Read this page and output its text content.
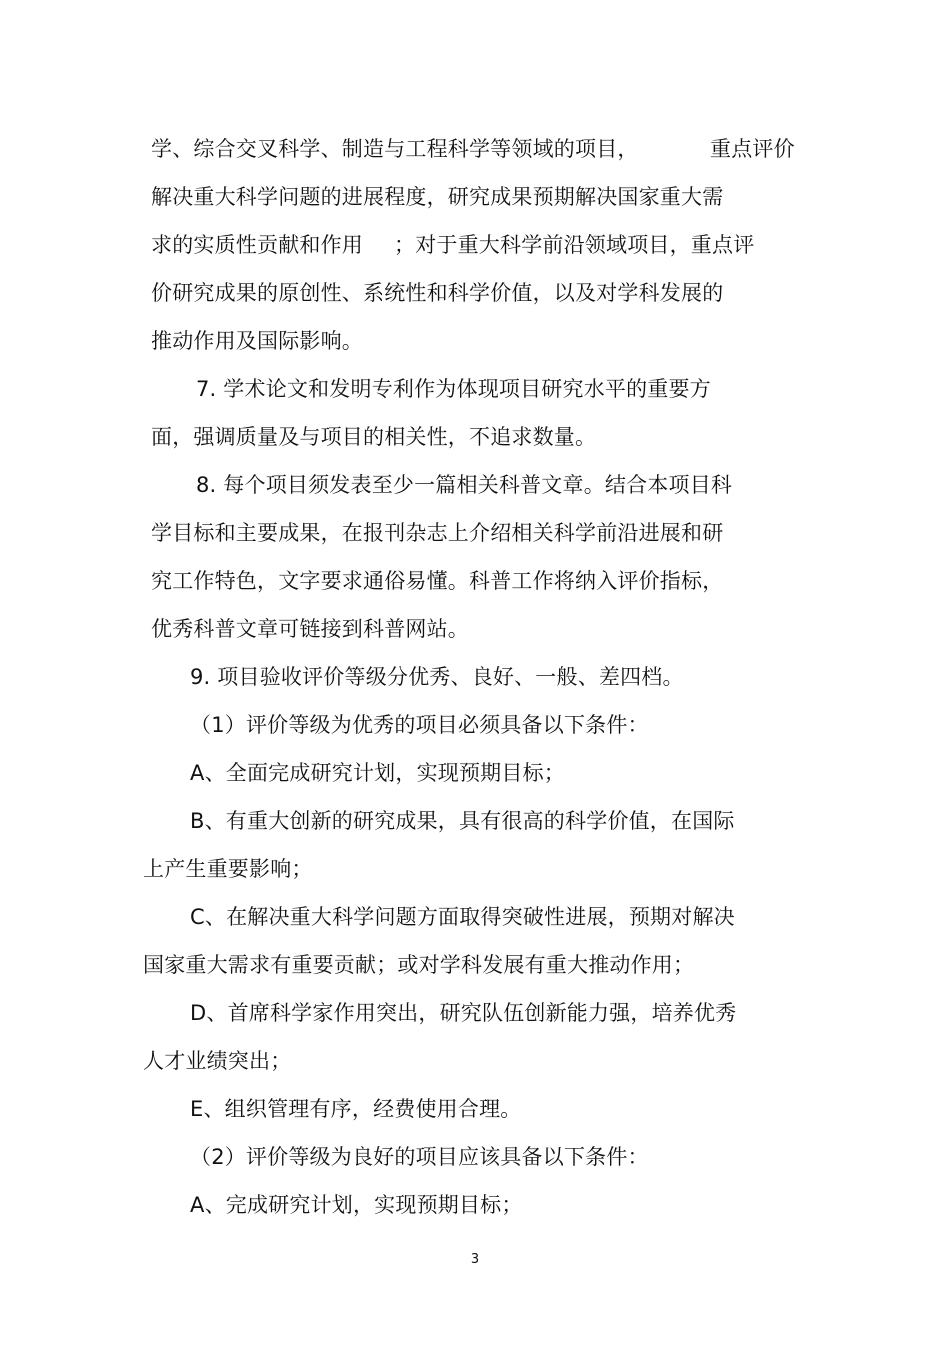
学、综合交叉科学、制造与工程科学等领域的项目，	重点评价
解决重大科学问题的进展程度，研究成果预期解决国家重大需
求的实质性贡献和作用 ；对于重大科学前沿领域项目，重点评
价研究成果的原创性、系统性和科学价值，以及对学科发展的
推动作用及国际影响。
7. 学术论文和发明专利作为体现项目研究水平的重要方
面，强调质量及与项目的相关性，不追求数量。
8. 每个项目须发表至少一篇相关科普文章。结合本项目科
学目标和主要成果，在报刊杂志上介绍相关科学前沿进展和研
究工作特色，文字要求通俗易懂。科普工作将纳入评价指标，
优秀科普文章可链接到科普网站。
9. 项目验收评价等级分优秀、良好、一般、差四档。
（1）评价等级为优秀的项目必须具备以下条件：
A、全面完成研究计划，实现预期目标；
B、有重大创新的研究成果，具有很高的科学价值，在国际
上产生重要影响；
C、在解决重大科学问题方面取得突破性进展，预期对解决
国家重大需求有重要贡献；或对学科发展有重大推动作用；
D、首席科学家作用突出，研究队伍创新能力强，培养优秀
人才业绩突出；
E、组织管理有序，经费使用合理。
（2）评价等级为良好的项目应该具备以下条件：
A、完成研究计划，实现预期目标；
3
